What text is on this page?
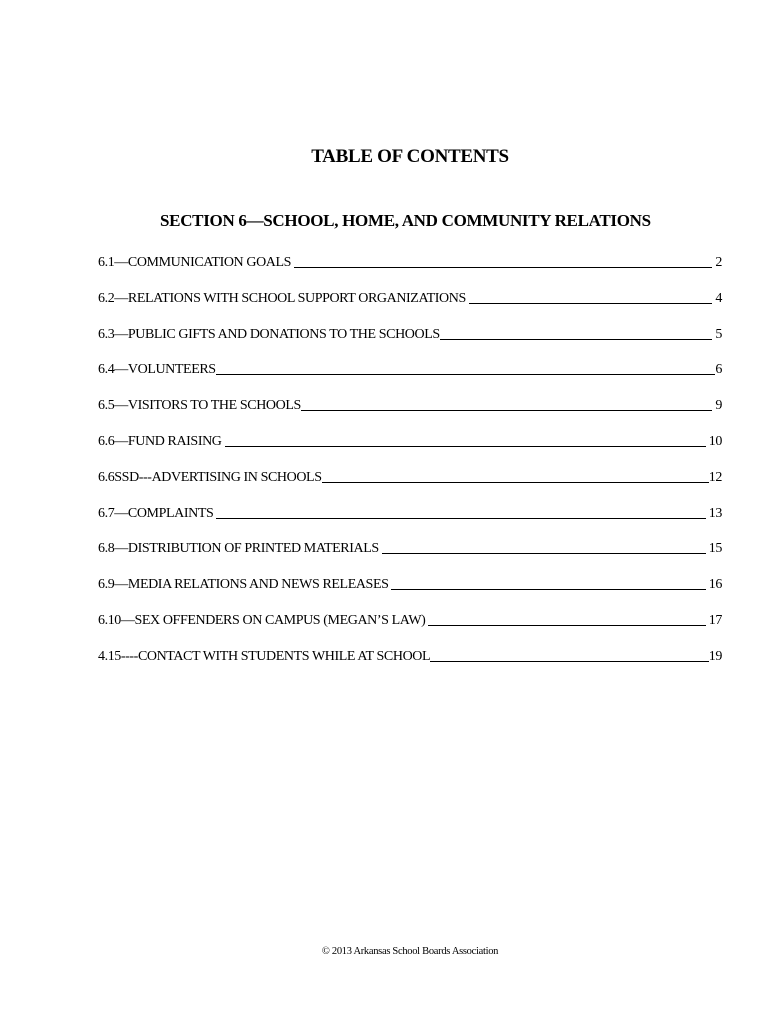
TABLE OF CONTENTS
SECTION 6—SCHOOL, HOME, AND COMMUNITY RELATIONS
6.1—COMMUNICATION GOALS	2
6.2—RELATIONS WITH SCHOOL SUPPORT ORGANIZATIONS	4
6.3—PUBLIC GIFTS AND DONATIONS TO THE SCHOOLS	5
6.4—VOLUNTEERS	6
6.5—VISITORS TO THE SCHOOLS	9
6.6—FUND RAISING	10
6.6SSD---ADVERTISING IN SCHOOLS	12
6.7—COMPLAINTS	13
6.8—DISTRIBUTION OF PRINTED MATERIALS	15
6.9—MEDIA RELATIONS AND NEWS RELEASES	16
6.10—SEX OFFENDERS ON CAMPUS (MEGAN’S LAW)	17
4.15----CONTACT WITH STUDENTS WHILE AT SCHOOL	19

© 2013 Arkansas School Boards Association
